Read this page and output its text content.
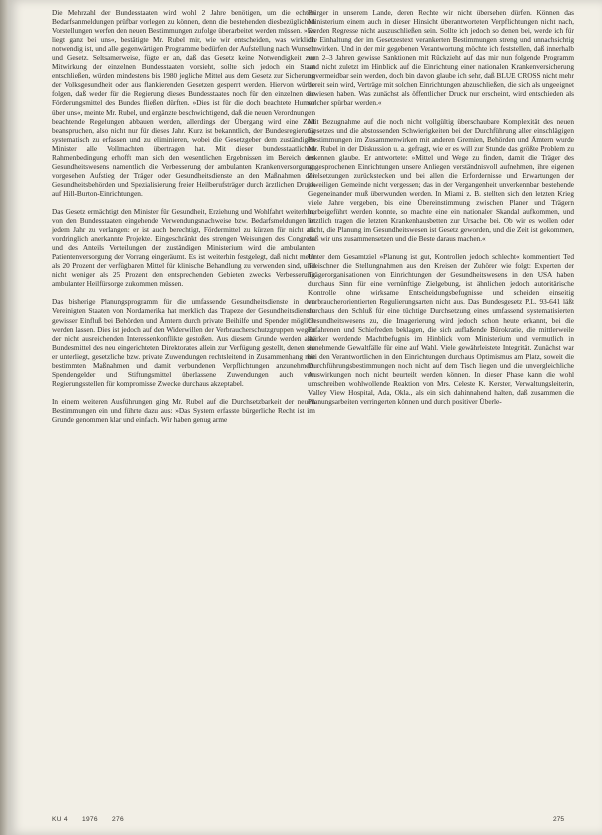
Die Mehrzahl der Bundesstaaten wird wohl 2 Jahre benötigen, um die echten Bedarfsanmeldungen prüfbar vorlegen zu können, denn die bestehenden diesbezüglichen Vorstellungen werfen den neuen Bestimmungen zufolge überarbeitet werden müssen. »Es liegt ganz bei uns«, bestätigte Mr. Rubel mir, wie wir entscheiden, was wirklich notwendig ist, und alle gegenwärtigen Programme bedürfen der Aufstellung nach Wunsch und Gesetz. Seltsamerweise, fügte er an, daß das Gesetz keine Notwendigkeit zur Mitwirkung der einzelnen Bundesstaaten vorsieht, sollte sich jedoch ein Staat entschließen, würden mindestens bis 1980 jegliche Mittel aus dem Gesetz zur Sicherung der Volksgesundheit oder aus flankierenden Gesetzen gesperrt werden. Hiervon würde folgen, daß weder für die Regierung dieses Bundesstaates noch für den einzelnen die Förderungsmittel des Bundes fließen dürften. »Dies ist für die doch beachtete Humor über uns«, meinte Mr. Rubel, und ergänzte beschwichtigend, daß die neuen Verordnungen beachtende Regelungen abbauen werden, allerdings der Übergang wird eine Zeit beanspruchen, also nicht nur für dieses Jahr. Kurz ist bekanntlich, der Bundesregierung systematisch zu erfassen und zu eliminieren, wobei die Gesetzgeber dem zuständigen Minister alle Vollmachten übertragen hat. Mit dieser bundesstaatlichen Rahmenbedingung erhofft man sich den wesentlichen Ergebnissen im Bereich des Gesundheitswesens namentlich die Verbesserung der ambulanten Krankenversorgung, vorgesehen Aufstieg der Träger oder Gesundheitsdienste an den Maßnahmen der Gesundheitsbehörden und Spezialisierung freier Heilberufsträger durch ärztlichen Druck auf Hill-Burton-Einrichtungen.

Das Gesetz ermächtigt den Minister für Gesundheit, Erziehung und Wohlfahrt weiterhin, von den Bundesstaaten eingehende Verwendungsnachweise bzw. Bedarfsmeldungen in jedem Jahr zu verlangen: er ist auch berechtigt, Fördermittel zu kürzen für nicht als vordringlich anerkannte Projekte. Eingeschränkt des strengen Weisungen des Congress und des Anteils Verteilungen der zuständigen Ministerium wird die ambulanten Patientenversorgung der Vorrang eingeräumt. Es ist weiterhin festgelegt, daß nicht mehr als 20 Prozent der verfügbaren Mittel für klinische Behandlung zu verwenden sind, und nicht weniger als 25 Prozent den entsprechenden Gebieten zwecks Verbesserung ambulanter Heilfürsorge zukommen müssen.

Das bisherige Planungsprogramm für die umfassende Gesundheitsdienste in den Vereinigten Staaten von Nordamerika hat merklich das Trapeze der Gesundheitsdienste gewisser Einfluß bei Behörden und Ämtern durch private Beihilfe und Spender möglich werden lassen. Dies ist jedoch auf den Widerwillen der Verbraucherschutzgruppen wegen der nicht ausreichenden Interessenkonflikte gestoßen. Aus diesem Grunde werden alle Bundesmittel des neu eingerichteten Direktorates allein zur Verfügung gestellt, denen sie er unterliegt, gesetzliche bzw. private Zuwendungen rechtsleitend in Zusammenhang mit bestimmten Maßnahmen und damit verbundenen Verpflichtungen anzunehmen. Spendengelder und Stiftungsmittel überlassene Zuwendungen auch von Regierungsstellen für kompromisse Zwecke durchaus akzeptabel.

In einem weiteren Ausführungen ging Mr. Rubel auf die Durchsetzbarkeit der neuen Bestimmungen ein und führte dazu aus: »Das System erfasste bürgerliche Recht ist im Grunde genommen klar und einfach. Wir haben genug arme

Bürger in unserem Lande, deren Rechte wir nicht übersehen dürfen. Können das Ministerium einem auch in dieser Hinsicht überantworteten Verpflichtungen nicht nach, werden Regresse nicht auszuschließen sein. Sollte ich jedoch so denen bei, werde ich für die Einhaltung der im Gesetzestext verankerten Bestimmungen streng und unnachsichtig einwirken. Und in der mir gegebenen Verantwortung möchte ich feststellen, daß innerhalb von 2–3 Jahren gewisse Sanktionen mit Rückzieht auf das mir nun folgende Programm und nicht zuletzt im Hinblick auf die Einrichtung einer nationalen Krankenversicherung unvermeidbar sein werden, doch bin davon glaube ich sehr, daß BLUE CROSS nicht mehr bereit sein wird, Verträge mit solchen Einrichtungen abzuschließen, die sich als ungeeignet erwiesen haben. Was zunächst als öffentlicher Druck nur erscheint, wird entschieden als solcher spürbar werden.«

Mit Bezugnahme auf die noch nicht vollgültig überschaubare Komplexität des neuen Gesetzes und die abstossenden Schwierigkeiten bei der Durchführung aller einschlägigen Bestimmungen im Zusammenwirken mit anderen Gremien, Behörden und Ämtern wurde Mr. Rubel in der Diskussion u. a. gefragt, wie er es will zur Stunde das größte Problem zu erkennen glaube. Er antwortete: »Mittel und Wege zu finden, damit die Träger des angesprochenen Einrichtungen unsere Anliegen verständnisvoll aufnehmen, ihre eigenen Zielsetzungen zurückstecken und bei allen die Erfordernisse und Erwartungen der jeweiligen Gemeinde nicht vergessen; das in der Vergangenheit unverkennbar bestehende Gegeneinander muß überwunden werden. In Miami z. B. stellten sich den letzten Krieg viele Jahre vergeben, bis eine Übereinstimmung zwischen Planer und Trägern herbeigeführt werden konnte, so machte eine ein nationaler Skandal aufkommen, und letztlich tragen die letzten Krankenhausbetten zur Ursache bei. Ob wir es wollen oder nicht, die Planung im Gesundheitswesen ist Gesetz geworden, und die Zeit ist gekommen, daß wir uns zusammensetzen und die Beste daraus machen.«

Unter dem Gesamtziel »Planung ist gut, Kontrollen jedoch schlecht« kommentiert Ted Treischner die Stellungnahmen aus den Kreisen der Zuhörer wie folgt: Experten der Trägerorganisationen von Einrichtungen der Gesundheitswesens in den USA haben durchaus Sinn für eine vernünftige Zielgebung, ist ähnlichen jedoch autoritärische Kontrolle ohne wirksame Entscheidungsbefugnisse und scheiden einseitig verbraucherorientierten Regulierungsarten nicht aus. Das Bundesgesetz P.L. 93-641 läßt durchaus den Schluß für eine tüchtige Durchsetzung eines umfassend systematisierten Gesundheitswesens zu, die Imagerierung wird jedoch schon heute erkannt, bei die Erfahrenen und Schiefreden beklagen, die sich auflaßende Bürokratie, die mittlerweile stärker werdende Machtbefugnis im Hinblick vom Ministerium und vermutlich in zunehmende Gewaltfälle für eine auf Wahl. Viele gewährleistete Integrität. Zunächst war bei den Verantwortlichen in den Einrichtungen durchaus Optimismus am Platz, soweit die Durchführungsbestimmungen noch nicht auf dem Tisch liegen und die unvergleichliche Auswirkungen noch nicht beurteilt werden können. In dieser Phase kann die wohl umschreiben wohlwollende Reaktion von Mrs. Celeste K. Kerster, Verwaltungsleiterin, Valley View Hospital, Ada, Okla., als ein sich dahinnahend halten, daß zusammen die Planungsarbeiten verringerten können und durch positiver Überle-

KU 4 1976 276	275
